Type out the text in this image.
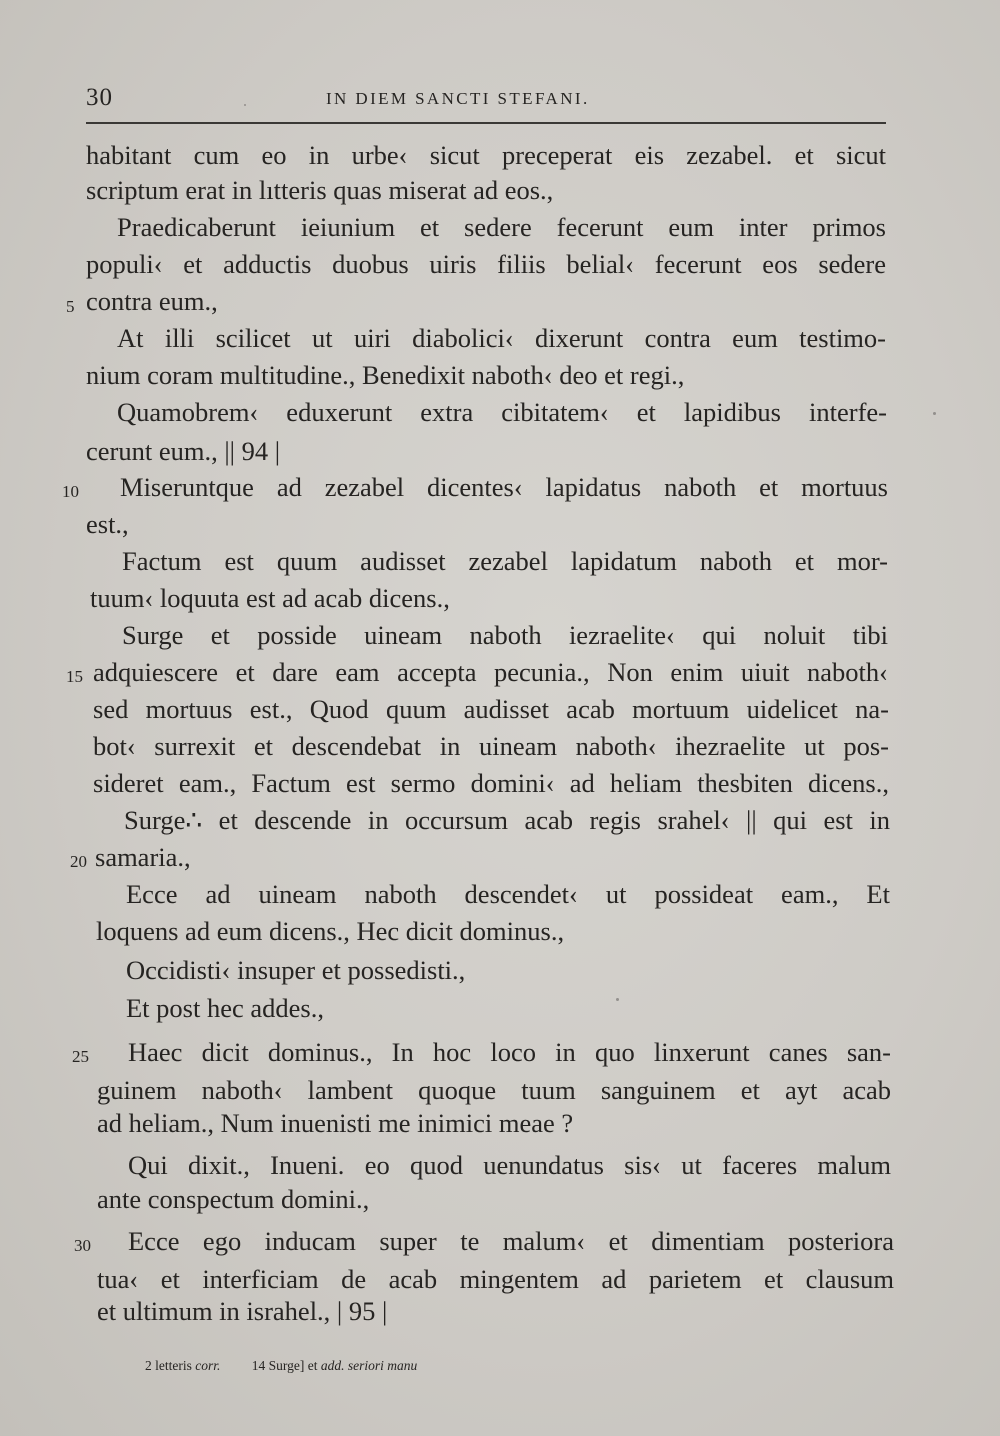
30	IN DIEM SANCTI STEFANI.
habitant cum eo in urbe‹ sicut preceperat eis zezabel. et sicut
scriptum erat in lıtteris quas miserat ad eos.,
Praedicaberunt ieiunium et sedere fecerunt eum inter primos
populi‹ et adductis duobus uiris filiis belial‹ fecerunt eos sedere
contra eum.,
At illi scilicet ut uiri diabolici‹ dixerunt contra eum testimo-
nium coram multitudine., Benedixit naboth‹ deo et regi.,
Quamobrem‹ eduxerunt extra cibitatem‹ et lapidibus interfe-
cerunt eum., || 94 |
Miseruntque ad zezabel dicentes‹ lapidatus naboth et mortuus
est.,
Factum est quum audisset zezabel lapidatum naboth et mor-
tuum‹ loquuta est ad acab dicens.,
Surge et posside uineam naboth iezraelite‹ qui noluit tibi
adquiescere et dare eam accepta pecunia., Non enim uiuit naboth‹
sed mortuus est., Quod quum audisset acab mortuum uidelicet na-
bot‹ surrexit et descendebat in uineam naboth‹ ihezraelite ut pos-
sideret eam., Factum est sermo domini‹ ad heliam thesbiten dicens.,
Surge∴ et descende in occursum acab regis srahel‹ || qui est in
samaria.,
Ecce ad uineam naboth descendet‹ ut possideat eam., Et
loquens ad eum dicens., Hec dicit dominus.,
Occidisti‹ insuper et possedisti.,
Et post hec addes.,
Haec dicit dominus., In hoc loco in quo linxerunt canes san-
guinem naboth‹ lambent quoque tuum sanguinem et ayt acab
ad heliam., Num inuenisti me inimici meae ?
Qui dixit., Inueni. eo quod uenundatus sis‹ ut faceres malum
ante conspectum domini.,
Ecce ego inducam super te malum‹ et dimentiam posteriora
tua‹ et interficiam de acab mingentem ad parietem et clausum
et ultimum in israhel., | 95 |
5
10
15
20
25
30
2 letteris corr. 14 Surge] et add. seriori manu
